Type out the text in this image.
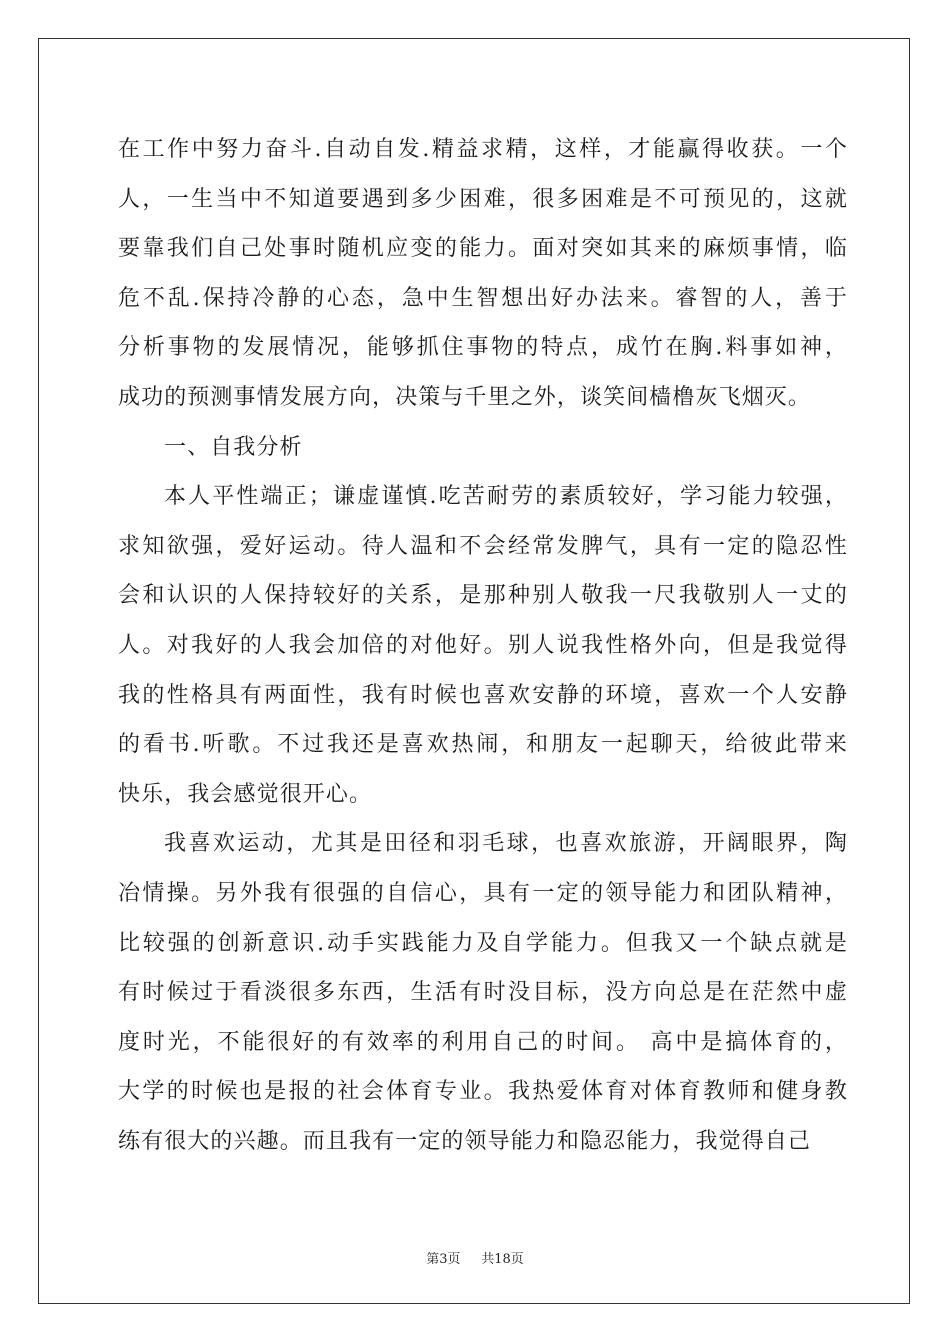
在工作中努力奋斗.自动自发.精益求精，这样，才能赢得收获。一个
人，一生当中不知道要遇到多少困难，很多困难是不可预见的，这就
要靠我们自己处事时随机应变的能力。面对突如其来的麻烦事情，临
危不乱.保持冷静的心态，急中生智想出好办法来。睿智的人，善于
分析事物的发展情况，能够抓住事物的特点，成竹在胸.料事如神，
成功的预测事情发展方向，决策与千里之外，谈笑间樯橹灰飞烟灭。
一、自我分析
本人平性端正；谦虚谨慎.吃苦耐劳的素质较好，学习能力较强，
求知欲强，爱好运动。待人温和不会经常发脾气，具有一定的隐忍性
会和认识的人保持较好的关系，是那种别人敬我一尺我敬别人一丈的
人。对我好的人我会加倍的对他好。别人说我性格外向，但是我觉得
我的性格具有两面性，我有时候也喜欢安静的环境，喜欢一个人安静
的看书.听歌。不过我还是喜欢热闹，和朋友一起聊天，给彼此带来
快乐，我会感觉很开心。
我喜欢运动，尤其是田径和羽毛球，也喜欢旅游，开阔眼界，陶
冶情操。另外我有很强的自信心，具有一定的领导能力和团队精神，
比较强的创新意识.动手实践能力及自学能力。但我又一个缺点就是
有时候过于看淡很多东西，生活有时没目标，没方向总是在茫然中虚
度时光，不能很好的有效率的利用自己的时间。 高中是搞体育的，
大学的时候也是报的社会体育专业。我热爱体育对体育教师和健身教
练有很大的兴趣。而且我有一定的领导能力和隐忍能力，我觉得自己
第3页 共18页
